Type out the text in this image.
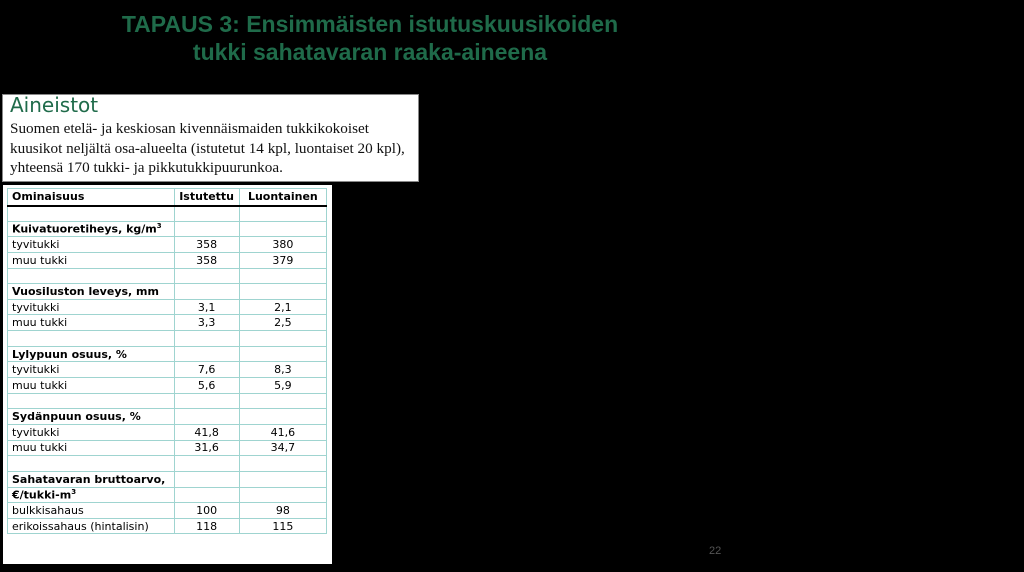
TAPAUS 3: Ensimmäisten istutuskuusikoiden
tukki sahatavaran raaka-aineena
Aineistot

Suomen etelä- ja keskiosan kivennäismaiden tukkikokoiset kuusikot neljältä osa-alueelta (istutetut 14 kpl, luontaiset 20 kpl), yhteensä 170 tukki- ja pikkutukkipuurunkoa.

Ominaisuus	Istutettu	Luontainen

Kuivatuoretiheys, $kg/m^3$		
tyvitukki	358	380
muu tukki	358	379

Vuosiluston leveys, mm		
tyvitukki	3,1	2,1
muu tukki	3,3	2,5

Lylypuun osuus, %		
tyvitukki	7,6	8,3
muu tukki	5,6	5,9

Sydänpuun osuus, %		
tyvitukki	41,8	41,6
muu tukki	31,6	34,7

Sahatavaran bruttoarvo,		
$€/tukki-m^3$		
bulkkisahaus	100	98
erikoissahaus (hintalisin)	118	115
22
